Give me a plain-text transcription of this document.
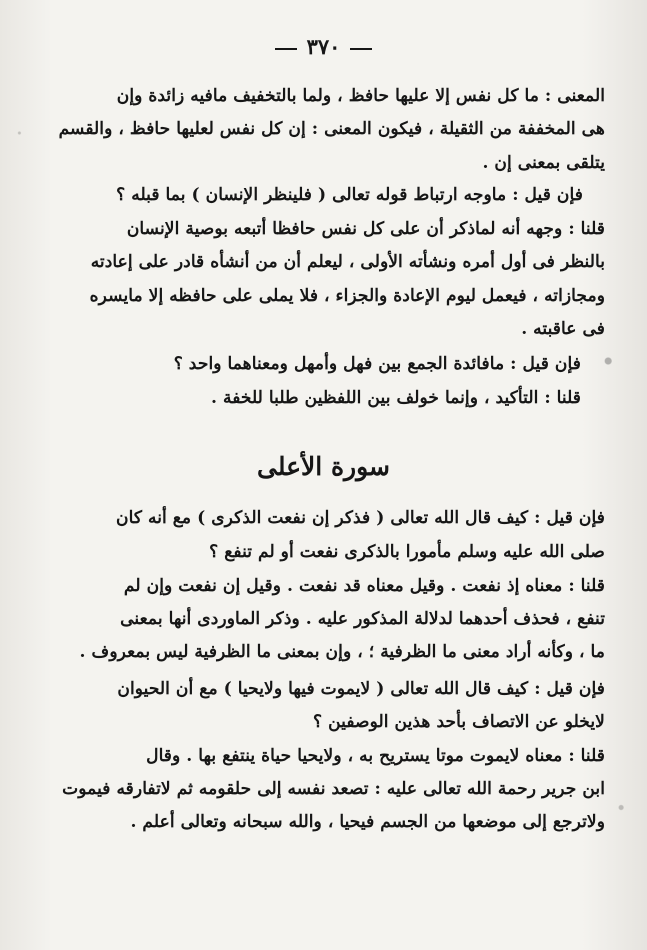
٣٧٠
المعنى : ما كل نفس إلا عليها حافظ ، ولما بالتخفيف مافيه زائدة وإن
هى المخففة من الثقيلة ، فيكون المعنى : إن كل نفس لعليها حافظ ، والقسم
يتلقى بمعنى إن .
فإن قيل : ماوجه ارتباط قوله تعالى ( فلينظر الإنسان ) بما قبله ؟
قلنا : وجهه أنه لماذكر أن على كل نفس حافظا أتبعه بوصية الإنسان
بالنظر فى أول أمره ونشأته الأولى ، ليعلم أن من أنشأه قادر على إعادته
ومجازاته ، فيعمل ليوم الإعادة والجزاء ، فلا يملى على حافظه إلا مايسره
فى عاقبته .
فإن قيل : مافائدة الجمع بين فهل وأمهل ومعناهما واحد ؟
قلنا : التأكيد ، وإنما خولف بين اللفظين طلبا للخفة .
سورة الأعلى
فإن قيل : كيف قال الله تعالى ( فذكر إن نفعت الذكرى ) مع أنه كان
صلى الله عليه وسلم مأمورا بالذكرى نفعت أو لم تنفع ؟
قلنا : معناه إذ نفعت . وقيل معناه قد نفعت . وقيل إن نفعت وإن لم
تنفع ، فحذف أحدهما لدلالة المذكور عليه . وذكر الماوردى أنها بمعنى
ما ، وكأنه أراد معنى ما الظرفية ؛ ، وإن بمعنى ما الظرفية ليس بمعروف .
فإن قيل : كيف قال الله تعالى ( لايموت فيها ولايحيا ) مع أن الحيوان
لايخلو عن الاتصاف بأحد هذين الوصفين ؟
قلنا : معناه لايموت موتا يستريح به ، ولايحيا حياة ينتفع بها . وقال
ابن جرير رحمة الله تعالى عليه : تصعد نفسه إلى حلقومه ثم لاتفارقه فيموت
ولاترجع إلى موضعها من الجسم فيحيا ، والله سبحانه وتعالى أعلم .
